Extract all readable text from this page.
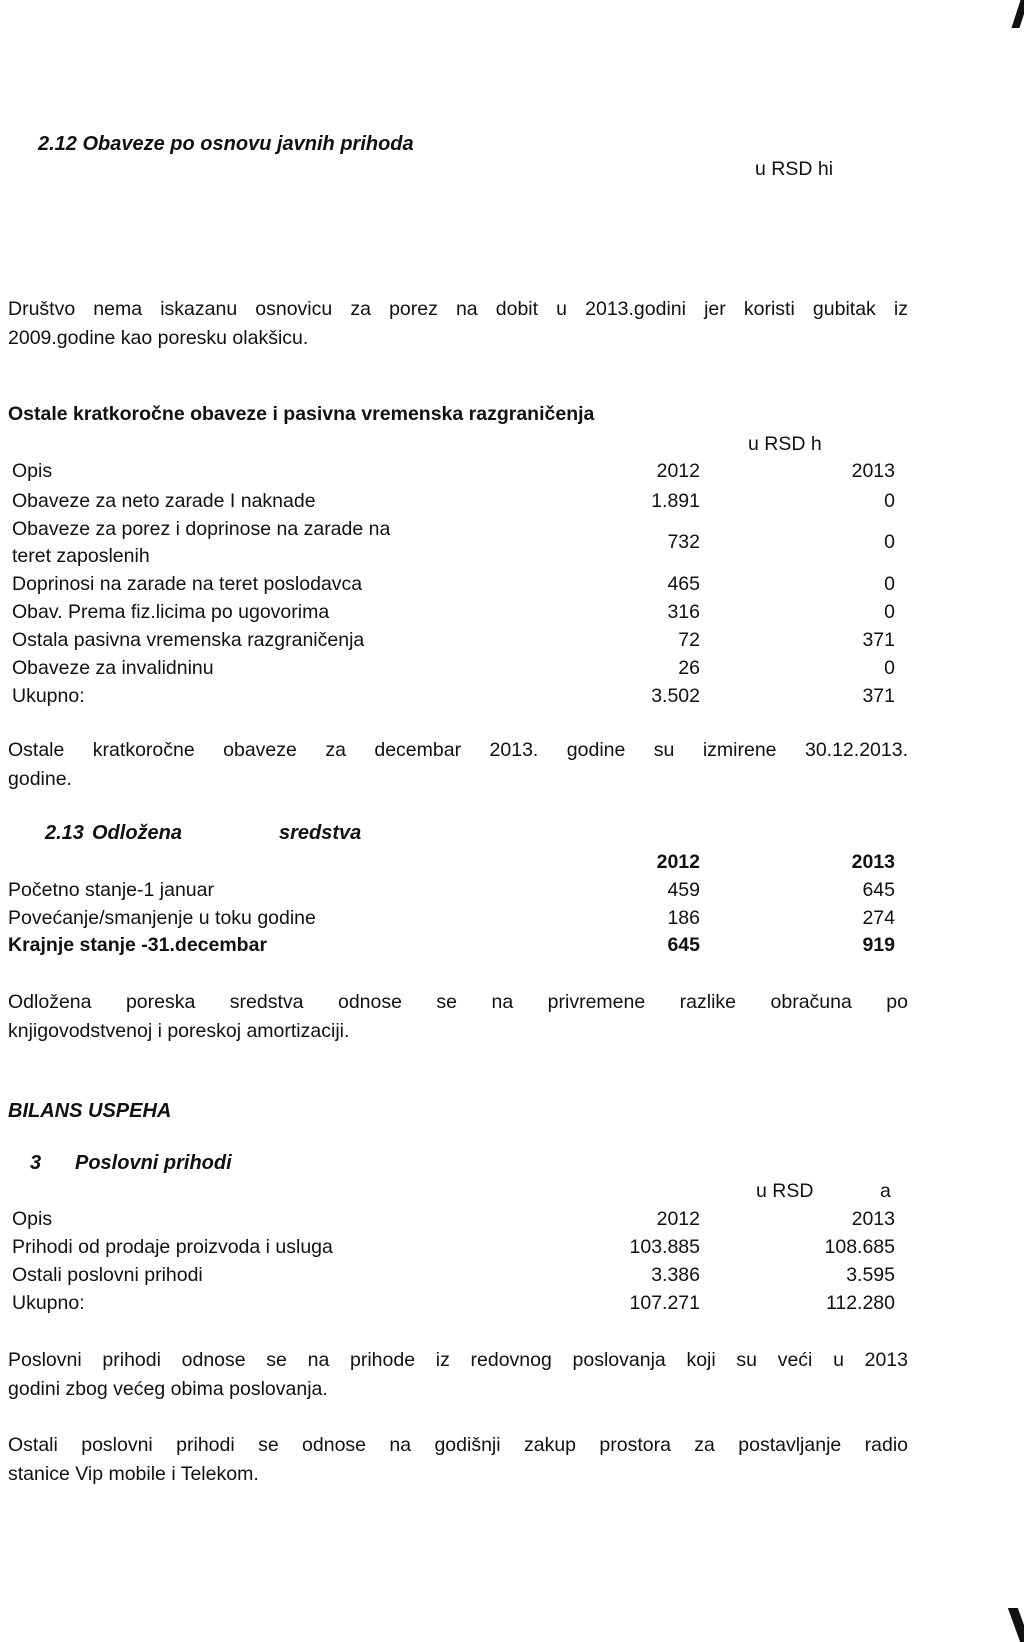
2.12 Obaveze po osnovu javnih prihoda
u RSD hi
Društvo nema iskazanu osnovicu za porez na dobit u 2013.godini jer koristi gubitak iz
2009.godine kao poresku olakšicu.
Ostale kratkoročne obaveze i pasivna vremenska razgraničenja
u RSD h
Opis	2012	2013
Obaveze za neto zarade I naknade	1.891	0
Obaveze za porez i doprinose na zarade na
teret zaposlenih
732	0
Doprinosi na zarade na teret poslodavca	465	0
Obav. Prema fiz.licima po ugovorima	316	0
Ostala pasivna vremenska razgraničenja	72	371
Obaveze za invalidninu	26	0
Ukupno:	3.502	371
Ostale kratkoročne obaveze za decembar 2013. godine su izmirene 30.12.2013.
godine.
2.13 Odložena	sredstva
2012	2013
Početno stanje-1 januar	459	645
Povećanje/smanjenje u toku godine	186	274
Krajnje stanje -31.decembar	645	919
Odložena poreska sredstva odnose se na privremene razlike obračuna po
knjigovodstvenoj i poreskoj amortizaciji.
BILANS USPEHA
3 Poslovni prihodi
u RSD	a
Opis	2012	2013
Prihodi od prodaje proizvoda i usluga	103.885	108.685
Ostali poslovni prihodi	3.386	3.595
Ukupno:	107.271	112.280
Poslovni prihodi odnose se na prihode iz redovnog poslovanja koji su veći u 2013
godini zbog većeg obima poslovanja.
Ostali poslovni prihodi se odnose na godišnji zakup prostora za postavljanje radio
stanice Vip mobile i Telekom.
